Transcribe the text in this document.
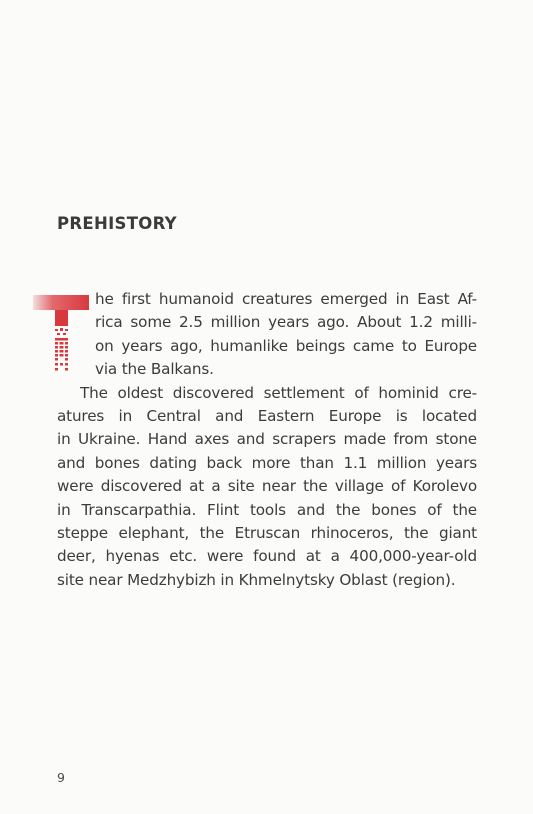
PREHISTORY
he first humanoid creatures emerged in East Af-
rica some 2.5 million years ago. About 1.2 milli-
on years ago, humanlike beings came to Europe
via the Balkans.
The oldest discovered settlement of hominid cre-
atures in Central and Eastern Europe is located
in Ukraine. Hand axes and scrapers made from stone
and bones dating back more than 1.1 million years
were discovered at a site near the village of Korolevo
in Transcarpathia. Flint tools and the bones of the
steppe elephant, the Etruscan rhinoceros, the giant
deer, hyenas etc. were found at a 400,000-year-old
site near Medzhybizh in Khmelnytsky Oblast (region).
9
